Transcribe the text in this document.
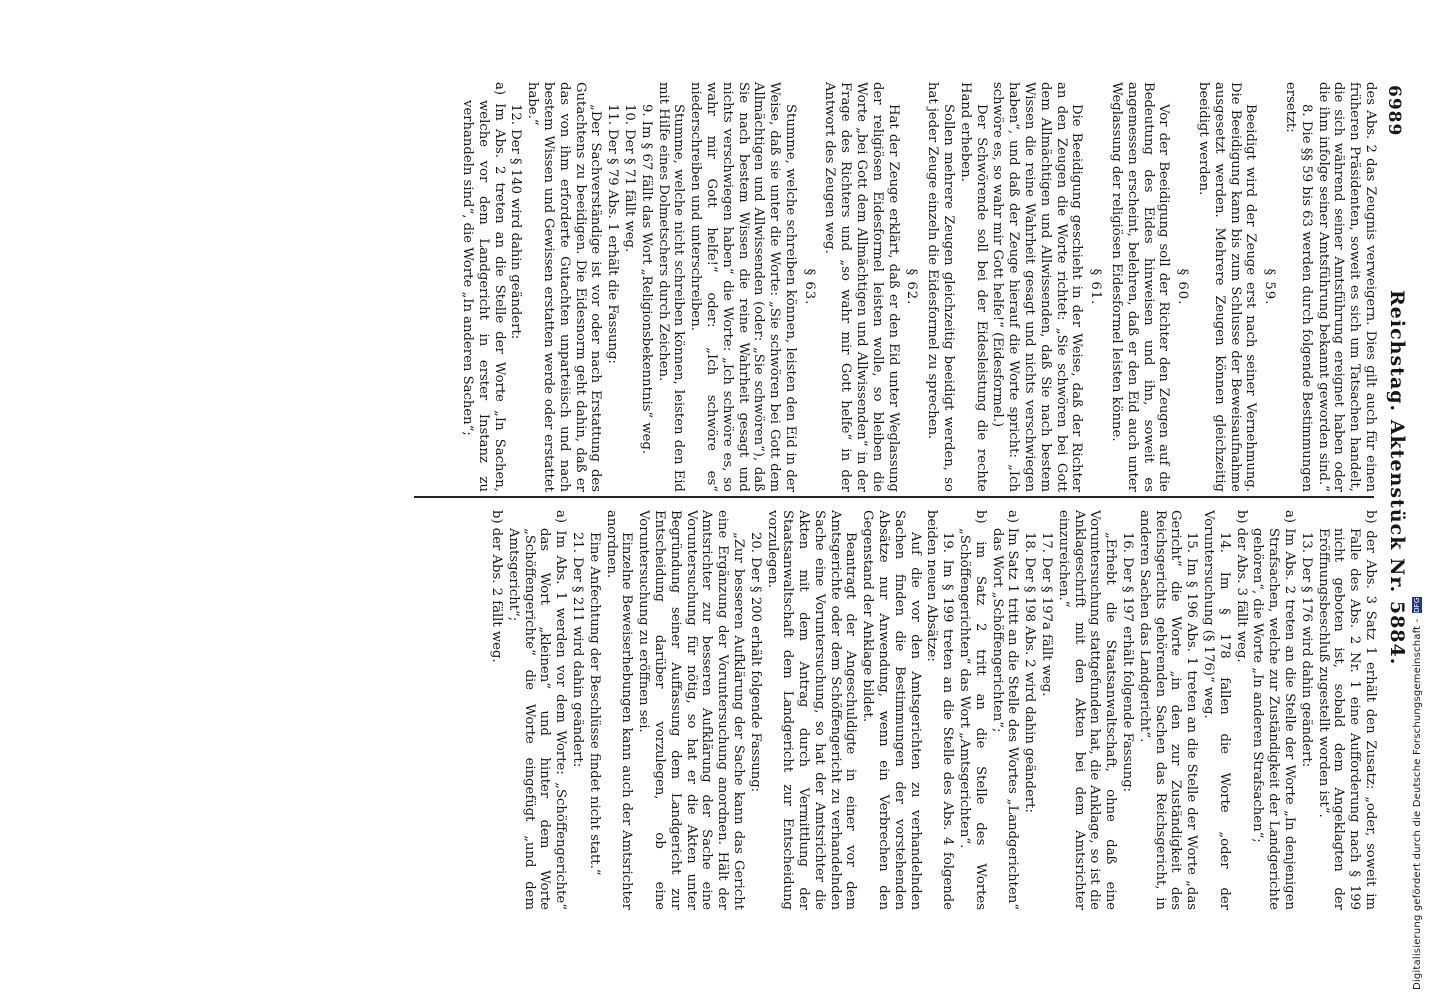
6989
Reichstag. Aktenstück Nr. 5884.

des Abs. 2 das Zeugnis verweigern. Dies gilt auch für einen früheren Präsidenten, soweit es sich um Tatsachen handelt, die sich während seiner Amtsführung ereignet haben oder die ihm infolge seiner Amtsführung bekannt geworden sind.“

8. Die §§ 59 bis 63 werden durch folgende Bestimmungen ersetzt:

§ 59.

Beeidigt wird der Zeuge erst nach seiner Vernehmung. Die Beeidigung kann bis zum Schlusse der Beweisaufnahme ausgesetzt werden. Mehrere Zeugen können gleichzeitig beeidigt werden.

§ 60.

Vor der Beeidigung soll der Richter den Zeugen auf die Bedeutung des Eides hinweisen und ihn, soweit es angemessen erscheint, belehren, daß er den Eid auch unter Weglassung der religiösen Eidesformel leisten könne.

§ 61.

Die Beeidigung geschieht in der Weise, daß der Richter an den Zeugen die Worte richtet: „Sie schwören bei Gott dem Allmächtigen und Allwissenden, daß Sie nach bestem Wissen die reine Wahrheit gesagt und nichts verschwiegen haben“, und daß der Zeuge hierauf die Worte spricht: „Ich schwöre es, so wahr mir Gott helfe!“ (Eidesformel.)

Der Schwörende soll bei der Eidesleistung die rechte Hand erheben.

Sollen mehrere Zeugen gleichzeitig beeidigt werden, so hat jeder Zeuge einzeln die Eidesformel zu sprechen.

§ 62.

Hat der Zeuge erklärt, daß er den Eid unter Weglassung der religiösen Eidesformel leisten wolle, so bleiben die Worte „bei Gott dem Allmächtigen und Allwissenden“ in der Frage des Richters und „so wahr mir Gott helfe“ in der Antwort des Zeugen weg.

§ 63.

Stumme, welche schreiben können, leisten den Eid in der Weise, daß sie unter die Worte: „Sie schwören bei Gott dem Allmächtigen und Allwissenden (oder: „Sie schwören“), daß Sie nach bestem Wissen die reine Wahrheit gesagt und nichts verschwiegen haben“ die Worte: „Ich schwöre es, so wahr mir Gott helfe!“ oder: „Ich schwöre es“ niederschreiben und unterschreiben.

Stumme, welche nicht schreiben können, leisten den Eid mit Hilfe eines Dolmetschers durch Zeichen.

9. Im § 67 fällt das Wort „Religionsbekenntnis“ weg.

10. Der § 71 fällt weg.

11. Der § 79 Abs. 1 erhält die Fassung:

„Der Sachverständige ist vor oder nach Erstattung des Gutachtens zu beeidigen. Die Eidesnorm geht dahin, daß er das von ihm erforderte Gutachten unparteiisch und nach bestem Wissen und Gewissen erstatten werde oder erstattet habe.“

12. Der § 140 wird dahin geändert:

a) Im Abs. 2 treten an die Stelle der Worte „In Sachen, welche vor dem Landgericht in erster Instanz zu verhandeln sind“, die Worte „In anderen Sachen“;

b) der Abs. 3 Satz 1 erhält den Zusatz: „oder, soweit im Falle des Abs. 2 Nr. 1 eine Aufforderung nach § 199 nicht geboten ist, sobald dem Angeklagten der Eröffnungsbeschluß zugestellt worden ist“.

13. Der § 176 wird dahin geändert:

a) Im Abs. 2 treten an die Stelle der Worte „In denjenigen Strafsachen, welche zur Zuständigkeit der Landgerichte gehören“, die Worte „In anderen Strafsachen“;

b) der Abs. 3 fällt weg.

14. Im § 178 fallen die Worte „oder der Voruntersuchung (§ 176)“ weg.

15. Im § 196 Abs. 1 treten an die Stelle der Worte „das Gericht“ die Worte „in den zur Zuständigkeit des Reichsgerichts gehörenden Sachen das Reichsgericht, in anderen Sachen das Landgericht“.

16. Der § 197 erhält folgende Fassung:

„Erhebt die Staatsanwaltschaft, ohne daß eine Voruntersuchung stattgefunden hat, die Anklage, so ist die Anklageschrift mit den Akten bei dem Amtsrichter einzureichen.“

17. Der § 197a fällt weg.

18. Der § 198 Abs. 2 wird dahin geändert:

a) Im Satz 1 tritt an die Stelle des Wortes „Landgerichten“ das Wort „Schöffengerichten“;

b) im Satz 2 tritt an die Stelle des Wortes „Schöffengerichten“ das Wort „Amtsgerichten“.

19. Im § 199 treten an die Stelle des Abs. 4 folgende beiden neuen Absätze:

Auf die vor den Amtsgerichten zu verhandelnden Sachen finden die Bestimmungen der vorstehenden Absätze nur Anwendung, wenn ein Verbrechen den Gegenstand der Anklage bildet.

Beantragt der Angeschuldigte in einer vor dem Amtsgerichte oder dem Schöffengericht zu verhandelnden Sache eine Voruntersuchung, so hat der Amtsrichter die Akten mit dem Antrag durch Vermittlung der Staatsanwaltschaft dem Landgericht zur Entscheidung vorzulegen.

20. Der § 200 erhält folgende Fassung:

„Zur besseren Aufklärung der Sache kann das Gericht eine Ergänzung der Voruntersuchung anordnen. Hält der Amtsrichter zur besseren Aufklärung der Sache eine Voruntersuchung für nötig, so hat er die Akten unter Begründung seiner Auffassung dem Landgericht zur Entscheidung darüber vorzulegen, ob eine Voruntersuchung zu eröffnen sei.

Einzelne Beweiserhebungen kann auch der Amtsrichter anordnen.

Eine Anfechtung der Beschlüsse findet nicht statt.“

21. Der § 211 wird dahin geändert:

a) Im Abs. 1 werden vor dem Worte: „Schöffengerichte“ das Wort „kleinen“ und hinter dem Worte „Schöffengerichte“ die Worte eingefügt „und dem Amtsgericht“;

b) der Abs. 2 fällt weg.

Digitalisierung gefördert durch die Deutsche Forschungsgemeinschaft - DFG
